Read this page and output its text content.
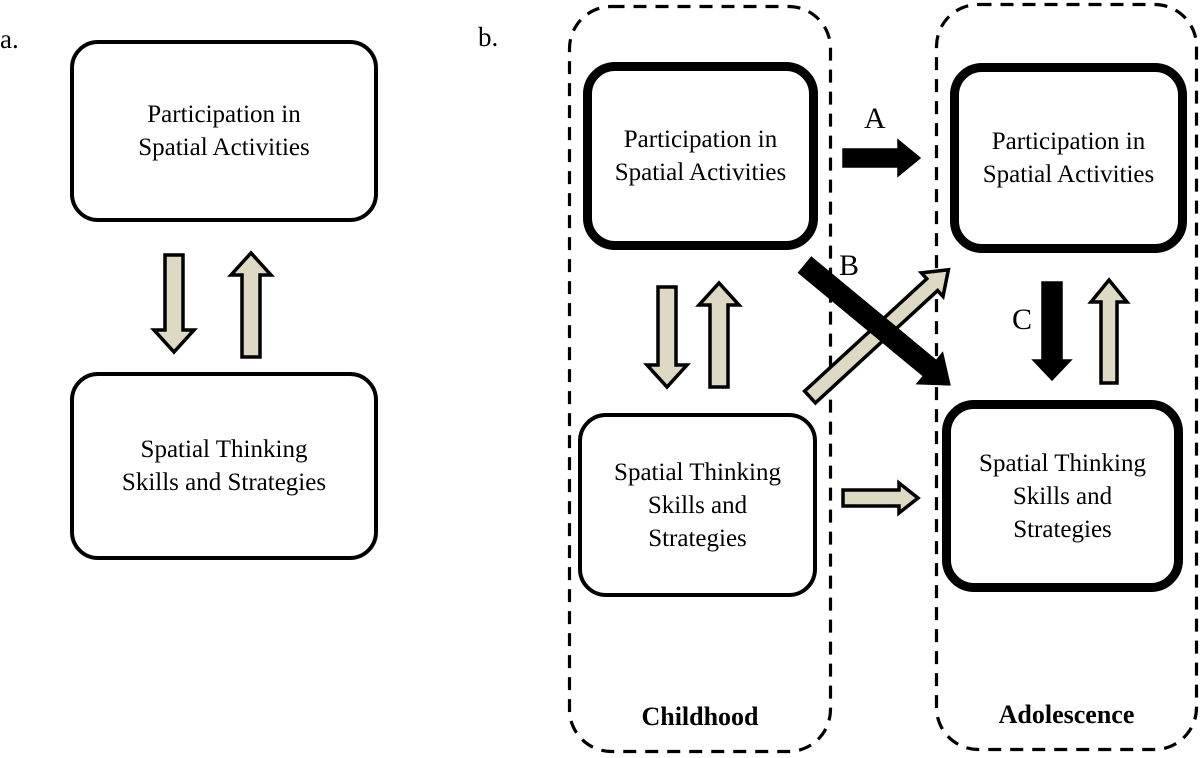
a.	b.
Participation in
Spatial Activities
Spatial Thinking
Skills and Strategies
Participation in
Spatial Activities
Spatial Thinking
Skills and
Strategies
Participation in
Spatial Activities
Spatial Thinking
Skills and
Strategies
A
B
C
Childhood	Adolescence
